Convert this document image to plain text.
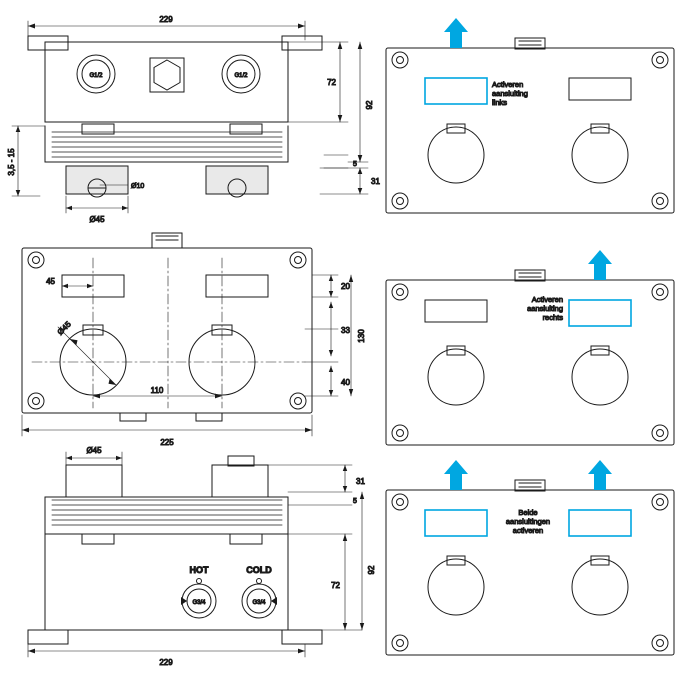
229
G1/2	G1/2
Ø10
Ø45
72
92
31
5
3,5 - 15
Ø45
45
110
225
20
33
40
130
Ø45
HOT
G3/4
COLD
G3/4
229
31
5
72
92
Activeren
aansluiting
links
Activeren
aansluiting
rechts
Beide
aansluitingen
activeren
